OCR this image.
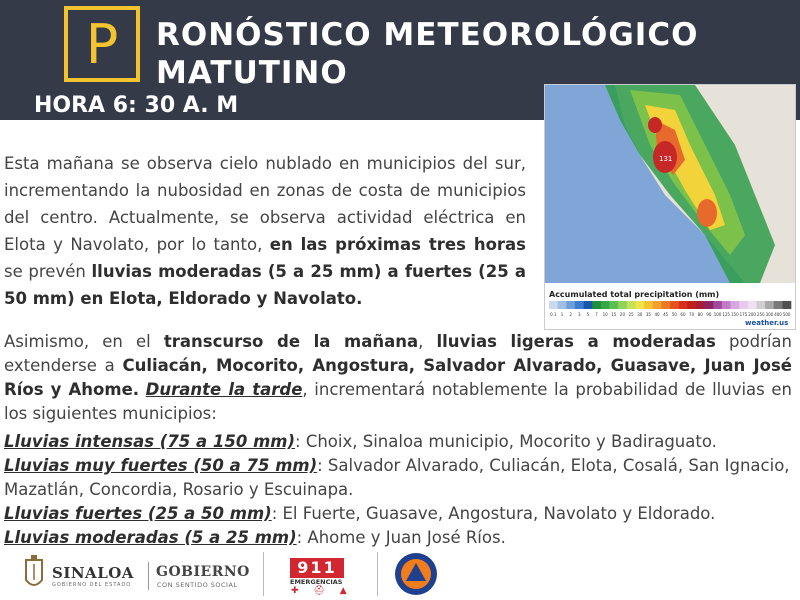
P	RONÓSTICO METEOROLÓGICO MATUTINO
HORA 6: 30 A. M
131
Accumulated total precipitation (mm)
0.1 1 2 3 5 7 10 15 20 25 30 35 40 45 50 60 70 80 90 100 125 150 175 200 250 300 400 500
weather.us
Esta mañana se observa cielo nublado en municipios del sur, incrementando la nubosidad en zonas de costa de municipios del centro. Actualmente, se observa actividad eléctrica en Elota y Navolato, por lo tanto, en las próximas tres horas se prevén lluvias moderadas (5 a 25 mm) a fuertes (25 a 50 mm) en Elota, Eldorado y Navolato.
Asimismo, en el transcurso de la mañana, lluvias ligeras a moderadas podrían extenderse a Culiacán, Mocorito, Angostura, Salvador Alvarado, Guasave, Juan José Ríos y Ahome. Durante la tarde, incrementará notablemente la probabilidad de lluvias en los siguientes municipios:
Lluvias intensas (75 a 150 mm): Choix, Sinaloa municipio, Mocorito y Badiraguato.
Lluvias muy fuertes (50 a 75 mm): Salvador Alvarado, Culiacán, Elota, Cosalá, San Ignacio, Mazatlán, Concordia, Rosario y Escuinapa.
Lluvias fuertes (25 a 50 mm): El Fuerte, Guasave, Angostura, Navolato y Eldorado.
Lluvias moderadas (5 a 25 mm): Ahome y Juan José Ríos.
SINALOA
GOBIERNO DEL ESTADO
GOBIERNO
CON SENTIDO SOCIAL
911
EMERGENCIAS
✚ ⛑ ▲
